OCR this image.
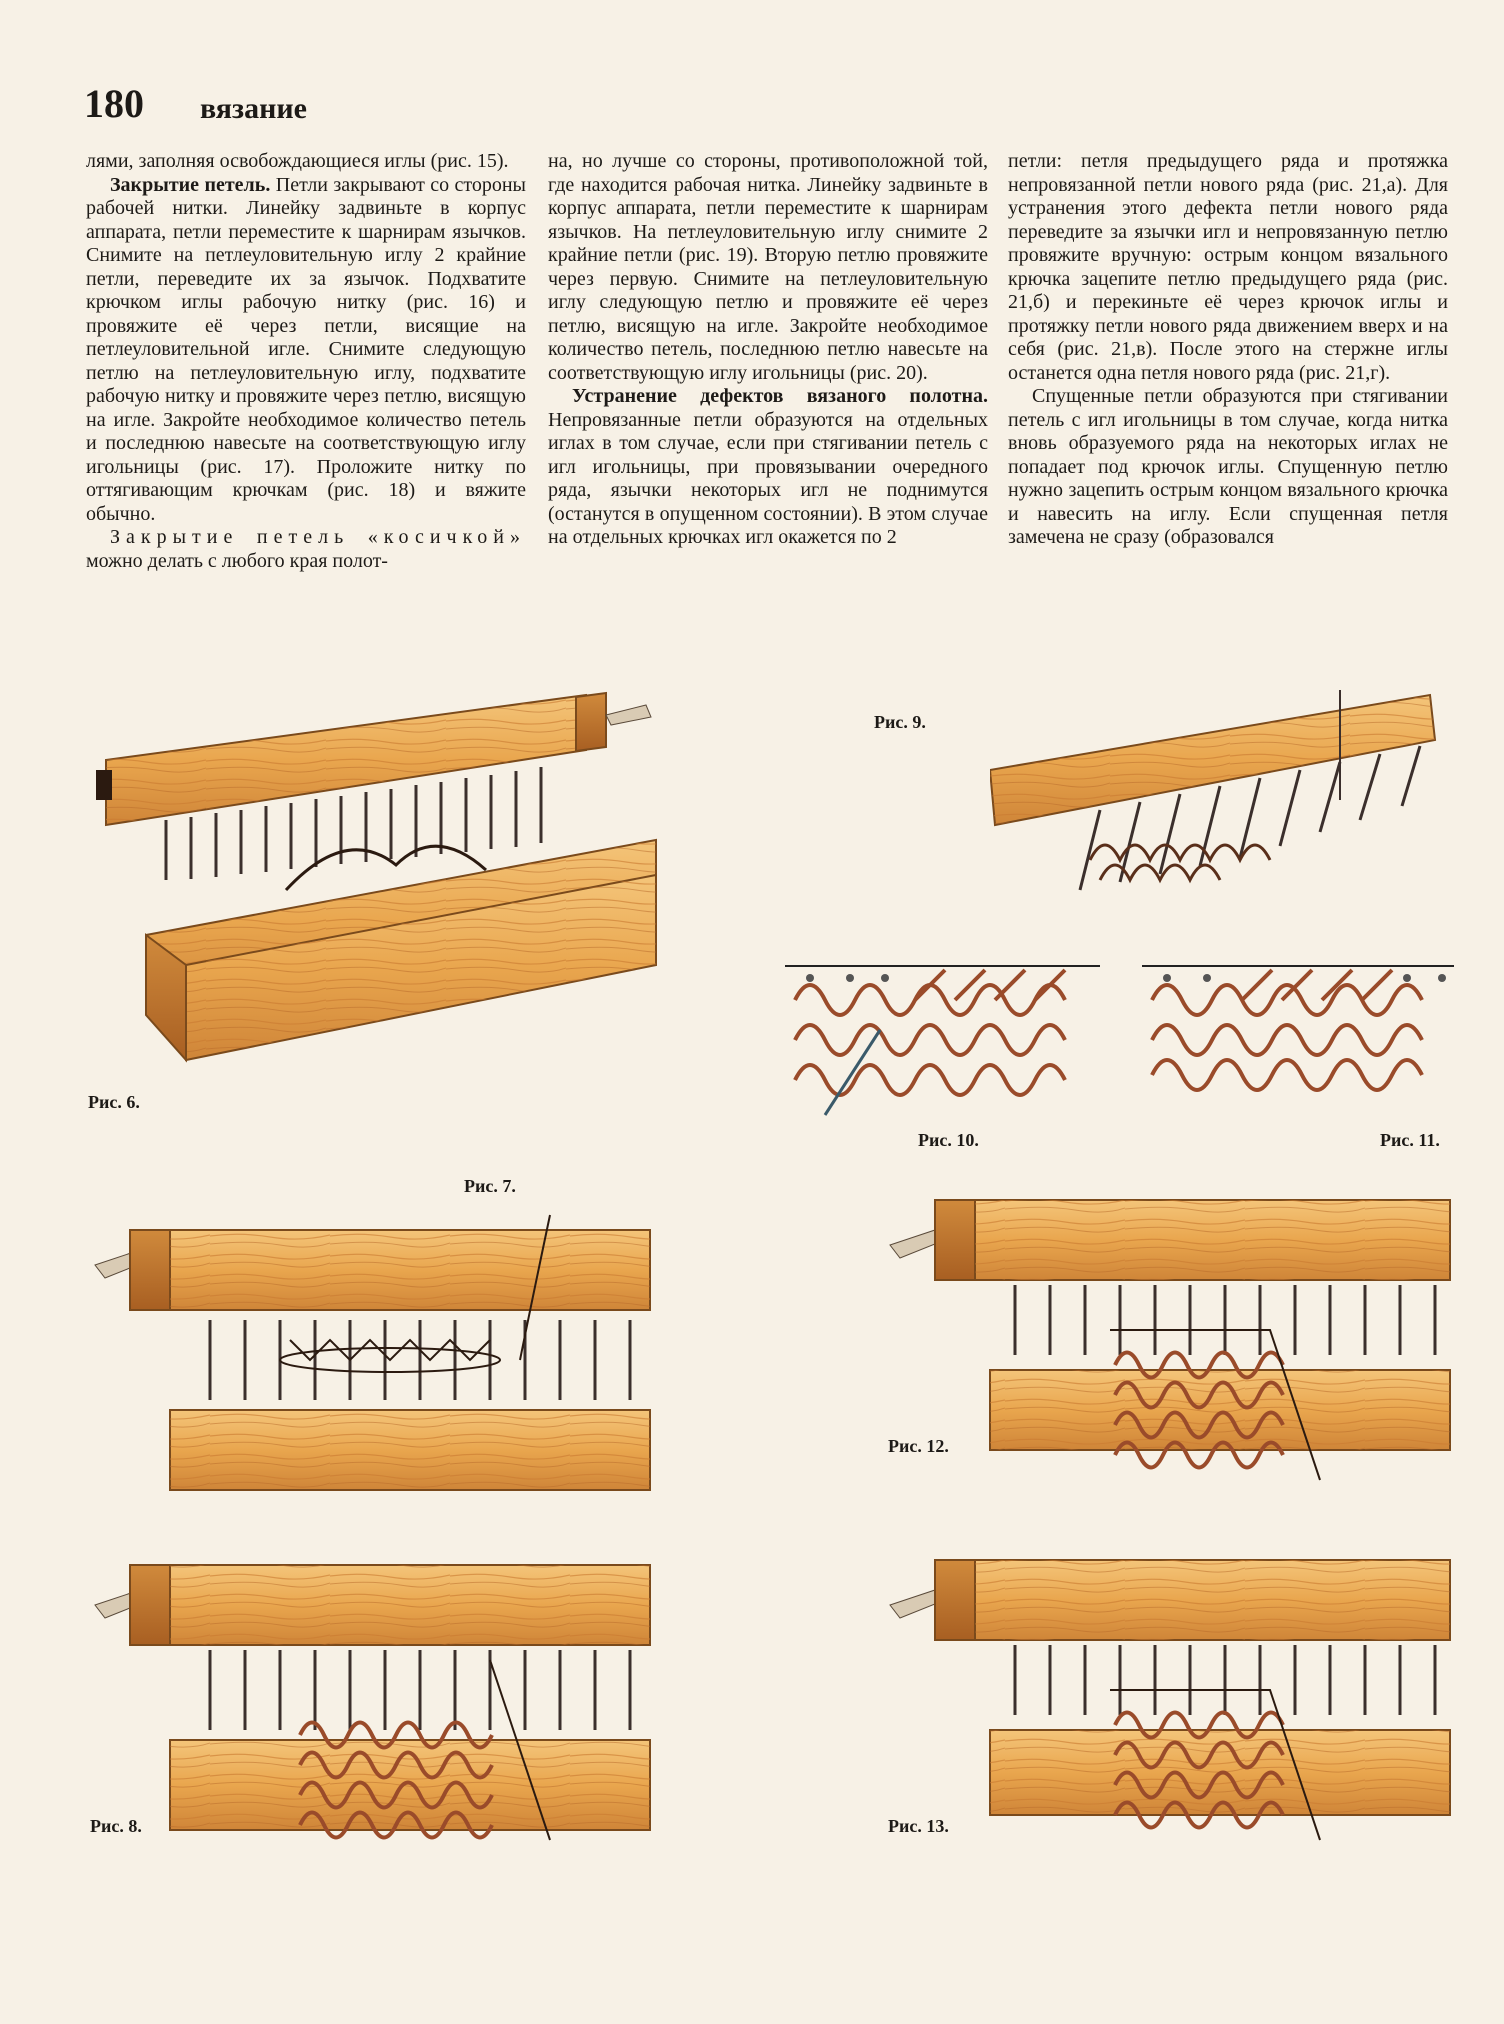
180 вязание

лями, заполняя освобождающиеся иглы (рис. 15).

Закрытие петель. Петли закрывают со стороны рабочей нитки. Линейку задвиньте в корпус аппарата, петли переместите к шарнирам язычков. Снимите на петлеуловительную иглу 2 крайние петли, переведите их за язычок. Подхватите крючком иглы рабочую нитку (рис. 16) и провяжите её через петли, висящие на петлеуловительной игле. Снимите следующую петлю на петлеуловительную иглу, подхватите рабочую нитку и провяжите через петлю, висящую на игле. Закройте необходимое количество петель и последнюю навесьте на соответствующую иглу игольницы (рис. 17). Проложите нитку по оттягивающим крючкам (рис. 18) и вяжите обычно.

Закрытие петель «косичкой» можно делать с любого края полот-

на, но лучше со стороны, противоположной той, где находится рабочая нитка. Линейку задвиньте в корпус аппарата, петли переместите к шарнирам язычков. На петлеуловительную иглу снимите 2 крайние петли (рис. 19). Вторую петлю провяжите через первую. Снимите на петлеуловительную иглу следующую петлю и провяжите её через петлю, висящую на игле. Закройте необходимое количество петель, последнюю петлю навесьте на соответствующую иглу игольницы (рис. 20).

Устранение дефектов вязаного полотна. Непровязанные петли образуются на отдельных иглах в том случае, если при стягивании петель с игл игольницы, при провязывании очередного ряда, язычки некоторых игл не поднимутся (останутся в опущенном состоянии). В этом случае на отдельных крючках игл окажется по 2

петли: петля предыдущего ряда и протяжка непровязанной петли нового ряда (рис. 21,а). Для устранения этого дефекта петли нового ряда переведите за язычки игл и непровязанную петлю провяжите вручную: острым концом вязального крючка зацепите петлю предыдущего ряда (рис. 21,б) и перекиньте её через крючок иглы и протяжку петли нового ряда движением вверх и на себя (рис. 21,в). После этого на стержне иглы останется одна петля нового ряда (рис. 21,г).

Спущенные петли образуются при стягивании петель с игл игольницы в том случае, когда нитка вновь образуемого ряда на некоторых иглах не попадает под крючок иглы. Спущенную петлю нужно зацепить острым концом вязального крючка и навесить на иглу. Если спущенная петля замечена не сразу (образовался

Рис. 6.
Рис. 9.
Рис. 10.	Рис. 11.
Рис. 7.
Рис. 12.
Рис. 8.	Рис. 13.
